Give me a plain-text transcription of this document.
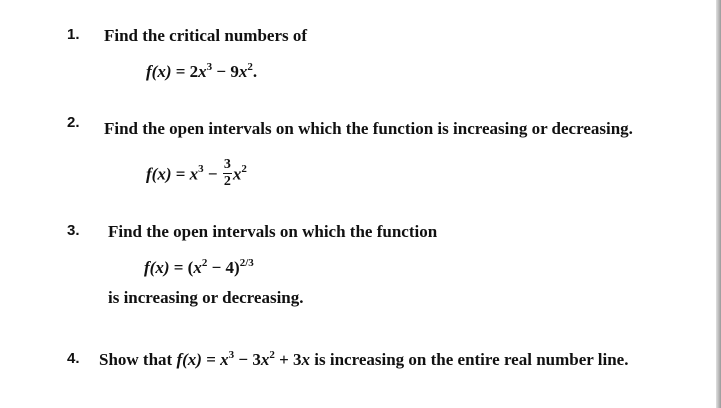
1. Find the critical numbers of
$f(x) = 2x^3 - 9x^2$.
2. Find the open intervals on which the function is increasing or decreasing.
$f(x) = x^3 - \frac{3}{2} x^2$
3. Find the open intervals on which the function
$f(x) = (x^2 - 4)^{2/3}$
is increasing or decreasing.
4. Show that $f(x) = x^3 - 3x^2 + 3x$ is increasing on the entire real number line.
